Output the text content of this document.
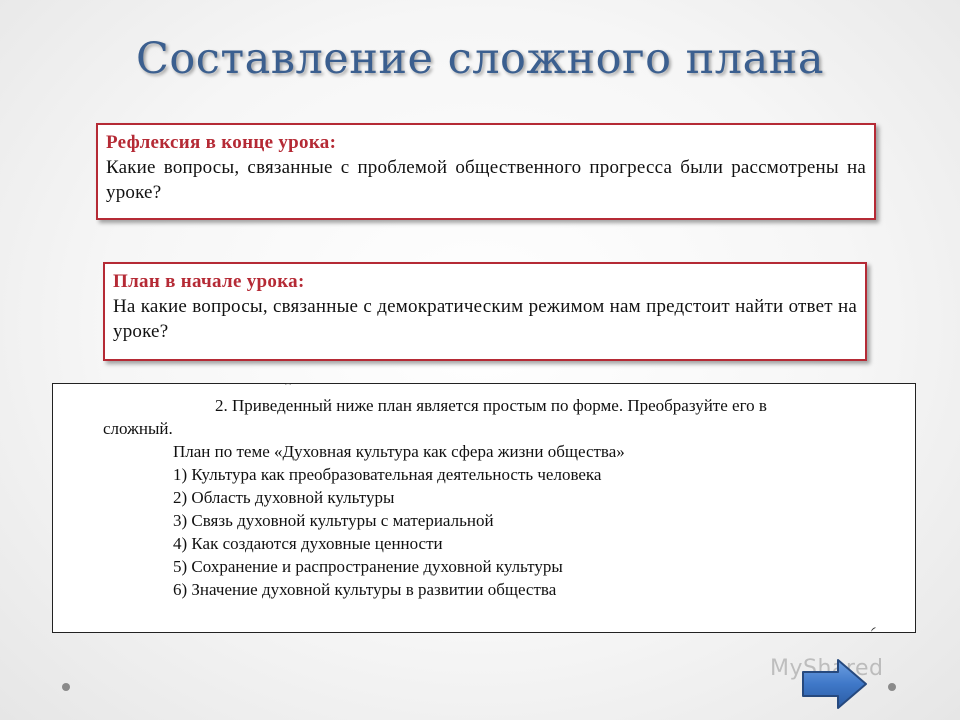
Составление сложного плана
Рефлексия в конце урока:
Какие вопросы, связанные с проблемой общественного прогресса были рассмотрены на уроке?
План в начале урока:
На какие вопросы, связанные с демократическим режимом нам предстоит найти ответ на уроке?
2. Приведенный ниже план является простым по форме. Преобразуйте его в
сложный.
План по теме «Духовная культура как сфера жизни общества»
1) Культура как преобразовательная деятельность человека
2) Область духовной культуры
3) Связь духовной культуры с материальной
4) Как создаются духовные ценности
5) Сохранение и распространение духовной культуры
6) Значение духовной культуры в развитии общества
MyShared
